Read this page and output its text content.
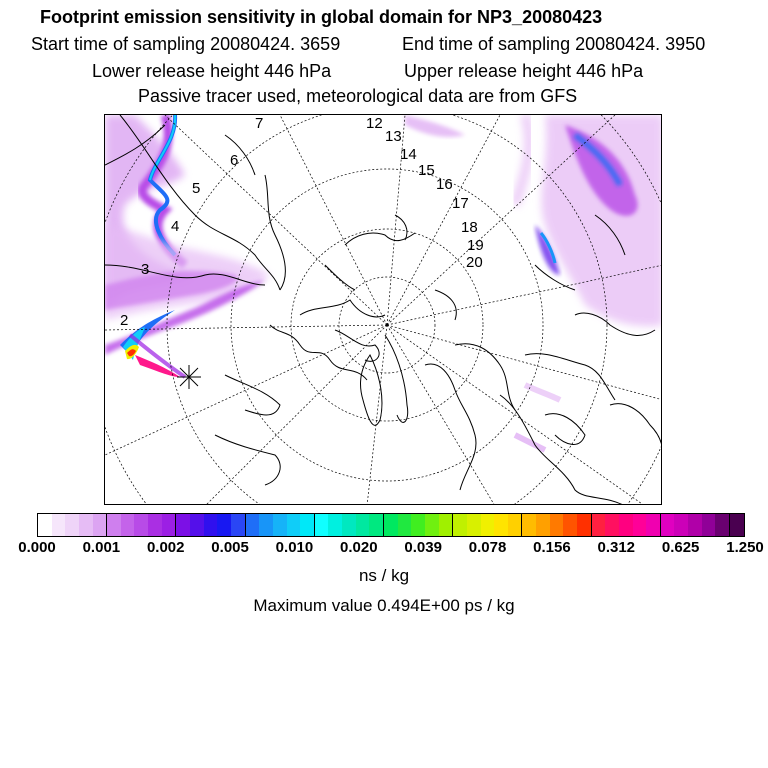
Footprint emission sensitivity in global domain for NP3_20080423
Start time of sampling 20080424. 3659	End time of sampling 20080424. 3950
Lower release height 446 hPa	Upper release height 446 hPa
Passive tracer used, meteorological data are from GFS
2
3
4
5
6
7	12
13
14
15
16
17
18
19
20
0.000 0.001 0.002 0.005 0.010 0.020 0.039 0.078 0.156 0.312 0.625 1.250
ns / kg
Maximum value 0.494E+00 ps / kg
